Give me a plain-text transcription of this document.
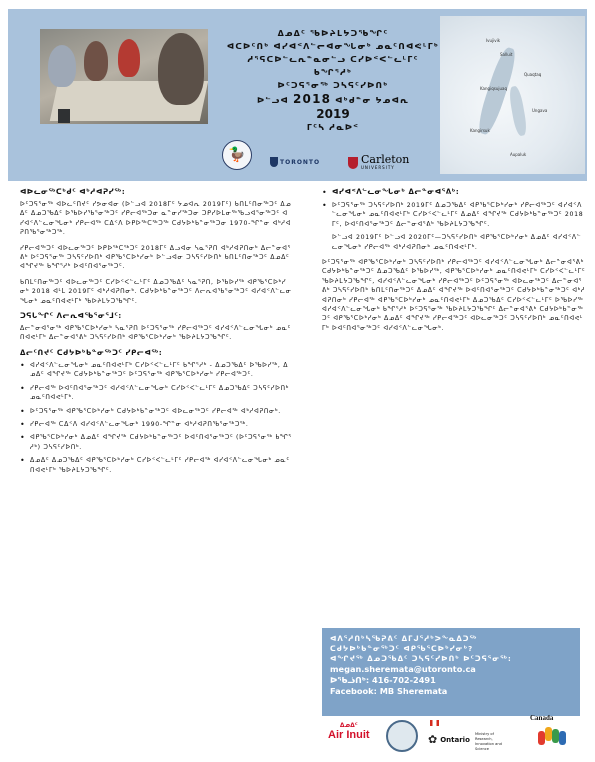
ᐃᓄᐃᑦ ᖃᐅᔨᒪᔭᑐᖃᖏᑦ
ᐊᑕᐅᑦᑎᒃ ᐊᓯᐊᑉᐱᓪᓕᐊᓂᖓᓂᒃ ᓄᓇᑦᑎᐊᕙᒻᒥᒃ
ᓱᕐᕋᑕᐅᓪᓚᕆᓐᓇᓂᓪᓗ ᑕᓯᐅᑉᐸᓪᓚᒻᒥᑦ
ᑲᖏᕐᓱᒃ
ᐅᑦᑐᕋᕐᓂᖅ ᑐᓴᕋᑦᓯᐅᑎᒃ
ᐅᓪᓗᐊ 2018 ᐊᒃᑯᓐᓂ ᔭᓄᐊᕆ
2019
ᒥᑦᓴ ᓱᓇᐅᑉ
Ivujivik
Salluit
Quaqtaq
Kangiqsujuaq
Ungava
Kangirsuk
Aupaluk
🦆	TORONTO	Carleton
UNIVERSITY
ᐊᐅᓚᓂᖅᑕᒃᑯᑦ ᐊᒃᓱᐊᕈᓯᖅ:

ᐅᑦᑐᕋᕐᓂᖅ ᐊᐅᓚᑦᑎᔪᑦ ᓯᕗᓂᐊᓂ (ᐅᓪᓗᐊ 2018ᒥᑦ ᔭᓄᐊᕆ 2019ᒥᑦ) ᑲᑎᒪᑦᑎᓂᖅᑐᑦ ᐃᓄᐃᑦ ᐃᓄᑐᖃᐃᑦ ᐅᖃᐅᓯᖃᕐᓂᖅᑐᑦ ᓯᑭᓕᐊᖅᑐᓂ ᓇᓐᓂᓯᖅᑐᓂ ᑐᑭᓯᐅᒪᓂᖅᖃᓗᐊᕐᓂᖅᑐᑦ ᐊᓯᐊᑉᐱᓪᓚᓂᖓᓂᒃ ᓯᑭᓕᐊᖅ ᑕᐃᑉᐱ ᐅᑭᐅᖅᑕᖅᑐᖅ ᑕᑯᔭᐅᒃᑲᓐᓂᖅᑐᓂ 1970-ᖏᓐᓂ ᐊᒃᓱᐊᕈᑎᖃᕐᓂᖅᑐᖅ.

ᓯᑭᓕᐊᖅᑐᑦ ᐊᐅᓚᓂᖅᑐᑦ ᐅᑭᐅᖅᑕᖅᑐᑦ 2018ᒥᑦ ᐃᓗᐊᓂ ᓴᓇᕐᕈᑎ ᐊᒃᓱᐊᕈᑎᓂᒃ ᐃᓕᓐᓂᐊᕐᕕᒃ ᐅᑦᑐᕋᕐᓂᖅ ᑐᓴᕋᑦᓯᐅᑎᒃ ᐊᑭᖃᕐᑕᐅᒃᓯᓂᒃ ᐅᓪᓗᐊᓂ ᑐᓴᕋᑦᓯᐅᑎᒃ ᑲᑎᒪᑦᑎᓂᖅᑐᑦ ᐃᓄᐃᑦ ᐊᖏᔪᖅ ᑲᖏᕐᓱᒃ ᐅᐊᑦᑎᐊᕐᓂᖅᑐᑦ.

ᑲᑎᒪᑦᑎᓂᖅᑐᑦ ᐊᐅᓚᓂᖅᑐᑦ ᑕᓯᐅᑉᐸᓪᓚᒻᒥᑦ ᐃᓄᑐᖃᐃᑦ ᓴᓇᕐᕈᑎ, ᐅᖃᐅᓯᖅ ᐊᑭᖃᕐᑕᐅᒃᓯᓂᒃ 2018 ᐊᒻᒪ 2019ᒥᑦ ᐊᒃᓱᐊᕈᑎᓂᒃ. ᑕᑯᔭᐅᒃᑲᓐᓂᖅᑐᑦ ᐱᓕᕆᐊᖃᕐᓂᖅᑐᑦ ᐊᓯᐊᑉᐱᓪᓚᓂᖓᓂᒃ ᓄᓇᑦᑎᐊᕙᒻᒥᒃ ᖃᐅᔨᒪᔭᑐᖃᖏᑦ.

ᑐᕌᒐᖏᑦ ᐱᓕᕆᐊᖃᕐᓂᕐᒧᑦ:

ᐃᓕᓐᓂᐊᕐᓂᖅ ᐊᑭᖃᕐᑕᐅᒃᓯᓂᒃ ᓴᓇᕐᕈᑎ ᐅᑦᑐᕋᕐᓂᖅ ᓯᑭᓕᐊᖅᑐᑦ ᐊᓯᐊᑉᐱᓪᓚᓂᖓᓂᒃ ᓄᓇᑦᑎᐊᕙᒻᒥᒃ ᐃᓕᓐᓂᐊᕐᕕᒃ ᑐᓴᕋᑦᓯᐅᑎᒃ ᐊᑭᖃᕐᑕᐅᒃᓯᓂᒃ ᖃᐅᔨᒪᔭᑐᖃᖏᑦ.

ᐃᓕᑦᑎᔪᑦ ᑕᑯᔭᐅᒃᑲᓐᓂᖅᑐᑦ ᓯᑭᓕᐊᖅ:
• ᐊᓯᐊᑉᐱᓪᓚᓂᖓᓂᒃ ᓄᓇᑦᑎᐊᕙᒻᒥᒃ ᑕᓯᐅᑉᐸᓪᓚᒻᒥᑦ ᑲᖏᕐᓱᒃ - ᐃᓄᑐᖃᐃᑦ ᐅᖃᐅᓯᖅ, ᐃᓄᐃᑦ ᐊᖏᔪᖅ ᑕᑯᔭᐅᒃᑲᓐᓂᖅᑐᑦ ᐅᑦᑐᕋᕐᓂᖅ ᐊᑭᖃᕐᑕᐅᒃᓯᓂᒃ ᓯᑭᓕᐊᖅᑐᑦ.
• ᓯᑭᓕᐊᖅ ᐅᐊᑦᑎᐊᕐᓂᖅᑐᑦ ᐊᓯᐊᑉᐱᓪᓚᓂᖓᓂᒃ ᑕᓯᐅᑉᐸᓪᓚᒻᒥᑦ ᐃᓄᑐᖃᐃᑦ ᑐᓴᕋᑦᓯᐅᑎᒃ ᓄᓇᑦᑎᐊᕙᒻᒥᒃ.
• ᐅᑦᑐᕋᕐᓂᖅ ᐊᑭᖃᕐᑕᐅᒃᓯᓂᒃ ᑕᑯᔭᐅᒃᑲᓐᓂᖅᑐᑦ ᐊᐅᓚᓂᖅᑐᑦ ᓯᑭᓕᐊᖅ ᐊᒃᓱᐊᕈᑎᓂᒃ.
• ᓯᑭᓕᐊᖅ ᑕᐃᑉᐱ ᐊᓯᐊᑉᐱᓪᓚᓂᖓᓂᒃ 1990-ᖏᓐᓂ ᐊᒃᓱᐊᕈᑎᖃᕐᓂᖅᑐᖅ.
• ᐊᑭᖃᕐᑕᐅᒃᓯᓂᒃ ᐃᓄᐃᑦ ᐊᖏᔪᖅ ᑕᑯᔭᐅᒃᑲᓐᓂᖅᑐᑦ ᐅᐊᑦᑎᐊᕐᓂᖅᑐᑦ (ᐅᑦᑐᕋᕐᓂᖅ ᑲᖏᕐᓱᒃ) ᑐᓴᕋᑦᓯᐅᑎᒃ.
• ᐃᓄᐃᑦ ᐃᓄᑐᖃᐃᑦ ᐊᑭᖃᕐᑕᐅᒃᓯᓂᒃ ᑕᓯᐅᑉᐸᓪᓚᒻᒥᑦ ᓯᑭᓕᐊᖅ ᐊᓯᐊᑉᐱᓪᓚᓂᖓᓂᒃ ᓄᓇᑦᑎᐊᕙᒻᒥᒃ ᖃᐅᔨᒪᔭᑐᖃᖏᑦ.
• ᐊᓯᐊᑉᐱᓪᓚᓂᖓᓂᒃ ᐃᓕᓐᓂᐊᕐᕕᒃ:
• ᐅᑦᑐᕋᕐᓂᖅ ᑐᓴᕋᑦᓯᐅᑎᒃ 2019ᒥᑦ ᐃᓄᑐᖃᐃᑦ ᐊᑭᖃᕐᑕᐅᒃᓯᓂᒃ ᓯᑭᓕᐊᖅᑐᑦ ᐊᓯᐊᑉᐱᓪᓚᓂᖓᓂᒃ ᓄᓇᑦᑎᐊᕙᒻᒥᒃ ᑕᓯᐅᑉᐸᓪᓚᒻᒥᑦ ᐃᓄᐃᑦ ᐊᖏᔪᖅ ᑕᑯᔭᐅᒃᑲᓐᓂᖅᑐᑦ 2018ᒥᑦ, ᐅᐊᑦᑎᐊᕐᓂᖅᑐᑦ ᐃᓕᓐᓂᐊᕐᕕᒃ ᖃᐅᔨᒪᔭᑐᖃᖏᑦ.

ᐅᓪᓗᐊ 2019ᒥᑦ ᐅᓪᓗᐊ 2020ᒥᑦ—ᑐᓴᕋᑦᓯᐅᑎᒃ ᐊᑭᖃᕐᑕᐅᒃᓯᓂᒃ ᐃᓄᐃᑦ ᐊᓯᐊᑉᐱᓪᓚᓂᖓᓂᒃ ᓯᑭᓕᐊᖅ ᐊᒃᓱᐊᕈᑎᓂᒃ ᓄᓇᑦᑎᐊᕙᒻᒥᒃ.

ᐅᑦᑐᕋᕐᓂᖅ ᐊᑭᖃᕐᑕᐅᒃᓯᓂᒃ ᑐᓴᕋᑦᓯᐅᑎᒃ ᓯᑭᓕᐊᖅᑐᑦ ᐊᓯᐊᑉᐱᓪᓚᓂᖓᓂᒃ ᐃᓕᓐᓂᐊᕐᕕᒃ ᑕᑯᔭᐅᒃᑲᓐᓂᖅᑐᑦ ᐃᓄᑐᖃᐃᑦ ᐅᖃᐅᓯᖅ, ᐊᑭᖃᕐᑕᐅᒃᓯᓂᒃ ᓄᓇᑦᑎᐊᕙᒻᒥᒃ ᑕᓯᐅᑉᐸᓪᓚᒻᒥᑦ ᖃᐅᔨᒪᔭᑐᖃᖏᑦ, ᐊᓯᐊᑉᐱᓪᓚᓂᖓᓂᒃ ᓯᑭᓕᐊᖅᑐᑦ ᐅᑦᑐᕋᕐᓂᖅ ᐊᐅᓚᓂᖅᑐᑦ ᐃᓕᓐᓂᐊᕐᕕᒃ ᑐᓴᕋᑦᓯᐅᑎᒃ ᑲᑎᒪᑦᑎᓂᖅᑐᑦ ᐃᓄᐃᑦ ᐊᖏᔪᖅ ᐅᐊᑦᑎᐊᕐᓂᖅᑐᑦ ᑕᑯᔭᐅᒃᑲᓐᓂᖅᑐᑦ ᐊᒃᓱᐊᕈᑎᓂᒃ ᓯᑭᓕᐊᖅ ᐊᑭᖃᕐᑕᐅᒃᓯᓂᒃ ᓄᓇᑦᑎᐊᕙᒻᒥᒃ ᐃᓄᑐᖃᐃᑦ ᑕᓯᐅᑉᐸᓪᓚᒻᒥᑦ ᐅᖃᐅᓯᖅ ᐊᓯᐊᑉᐱᓪᓚᓂᖓᓂᒃ ᑲᖏᕐᓱᒃ ᐅᑦᑐᕋᕐᓂᖅ ᖃᐅᔨᒪᔭᑐᖃᖏᑦ ᐃᓕᓐᓂᐊᕐᕕᒃ ᑕᑯᔭᐅᒃᑲᓐᓂᖅᑐᑦ ᐊᑭᖃᕐᑕᐅᒃᓯᓂᒃ ᐃᓄᐃᑦ ᐊᖏᔪᖅ ᓯᑭᓕᐊᖅᑐᑦ ᐊᐅᓚᓂᖅᑐᑦ ᑐᓴᕋᑦᓯᐅᑎᒃ ᓄᓇᑦᑎᐊᕙᒻᒥᒃ ᐅᐊᑦᑎᐊᕐᓂᖅᑐᑦ ᐊᓯᐊᑉᐱᓪᓚᓂᖓᓂᒃ.

ᐊᐱᕐᓱᑎᒃᓴᖃᕈᕕᑦ ᐃᒥᒍᕐᓱᒃᐳᖕᓇᐃᑐᖅ
ᑕᑯᔭᐅᒃᑲᓐᓂᖅᑐᑦ ᐊᑭᖃᕐᑕᐅᒃᓯᓂᒃ?
ᐊᖏᔪᖅ ᐃᓄᑐᖃᐃᑦ ᑐᓴᕋᑦᓯᐅᑎᒃ ᐅᑦᑐᕋᕐᓂᖅ:
megan.sheremata@utoronto.ca
ᐅᖃᓘᑎᒃ: 416-702-2491
Facebook: MB Sheremata
ᐃᓄᐃᑦ
Air Inuit	✿ Ontario
Ministry of Research, Innovation and Science
Canada
